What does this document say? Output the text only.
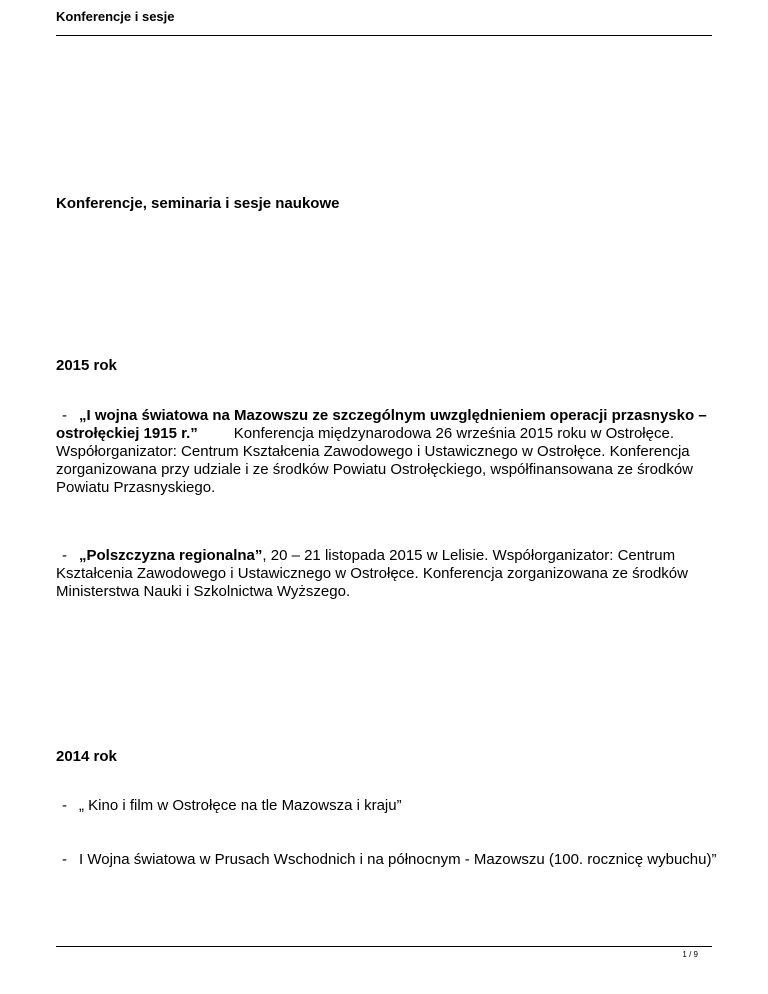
Konferencje i sesje
Konferencje, seminaria i sesje naukowe
2015 rok

- „I wojna światowa na Mazowszu ze szczególnym uwzględnieniem operacji przasnysko – ostrołęckiej 1915 r.” Konferencja międzynarodowa 26 września 2015 roku w Ostrołęce. Współorganizator: Centrum Kształcenia Zawodowego i Ustawicznego w Ostrołęce. Konferencja zorganizowana przy udziale i ze środków Powiatu Ostrołęckiego, współfinansowana ze środków Powiatu Przasnyskiego.

- „Polszczyzna regionalna”, 20 – 21 listopada 2015 w Lelisie. Współorganizator: Centrum Kształcenia Zawodowego i Ustawicznego w Ostrołęce. Konferencja zorganizowana ze środków Ministerstwa Nauki i Szkolnictwa Wyższego.

2014 rok

- „ Kino i film w Ostrołęce na tle Mazowsza i kraju”

- I Wojna światowa w Prusach Wschodnich i na północnym - Mazowszu (100. rocznicę wybuchu)”

1 / 9
